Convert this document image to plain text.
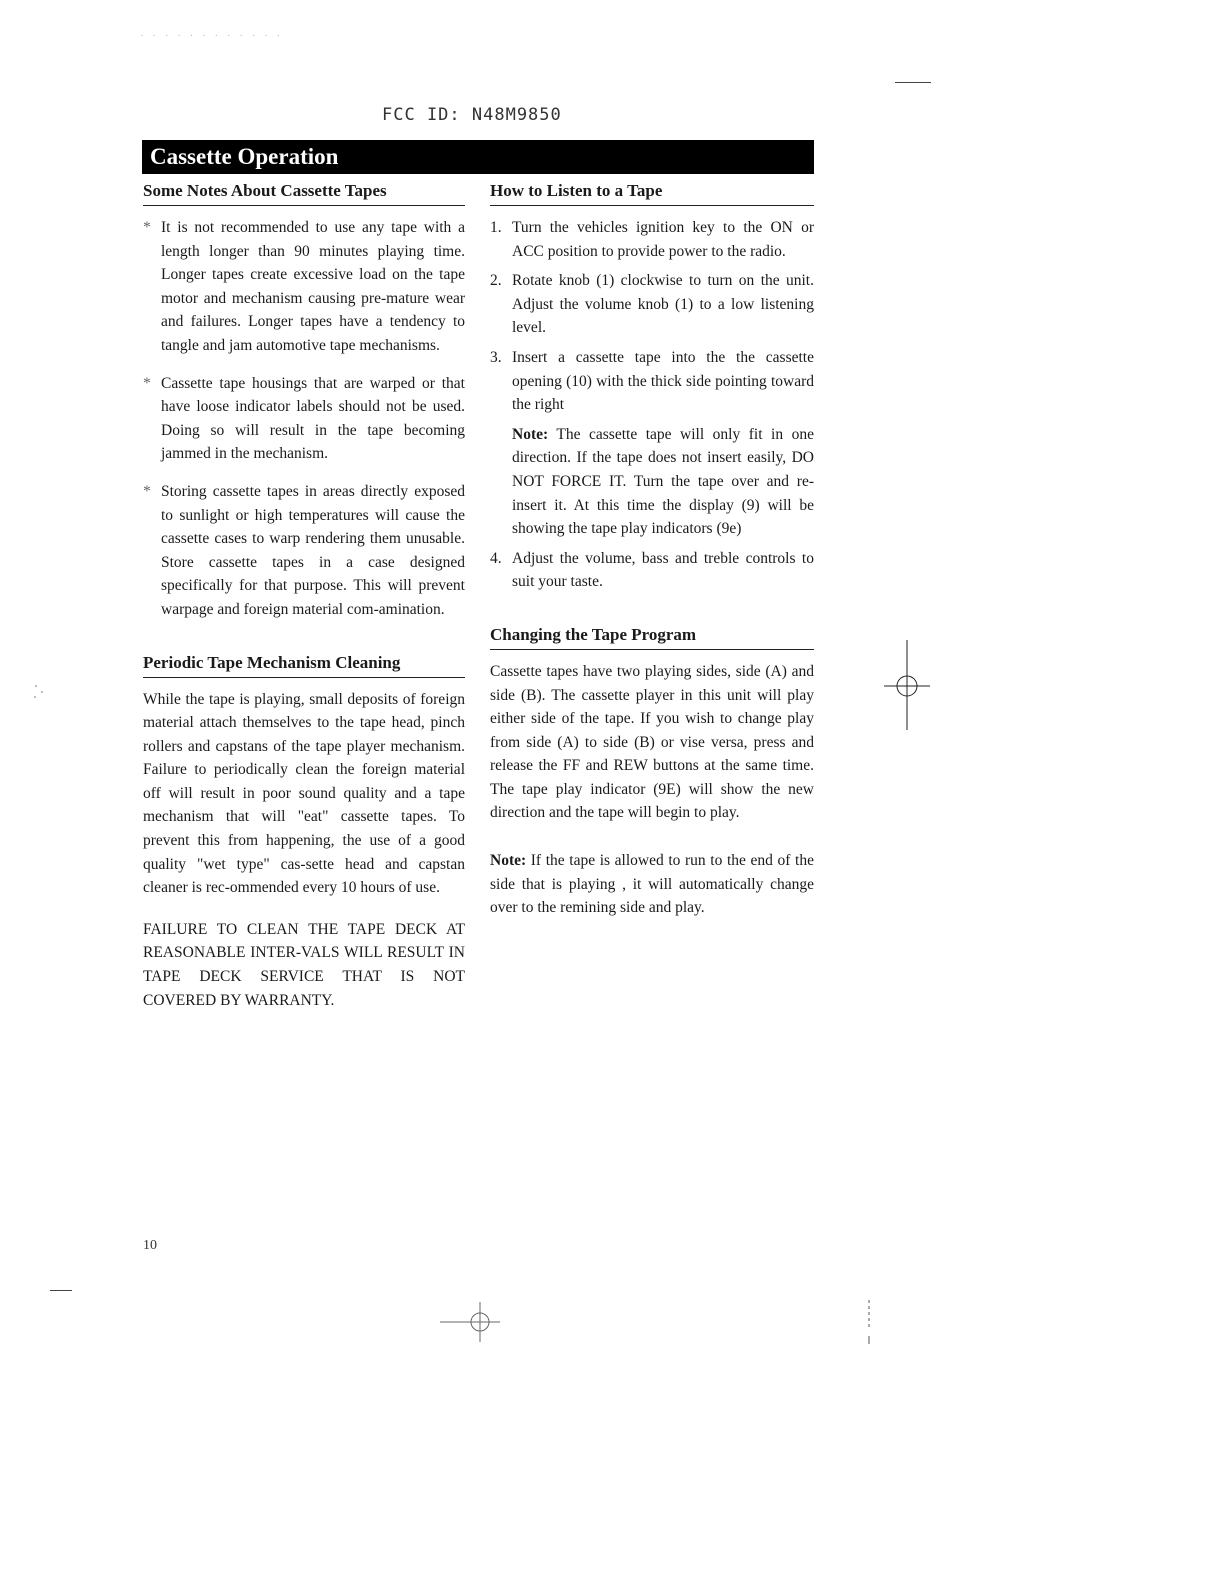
· · · · · · · · · · · ·
FCC ID: N48M9850
Cassette Operation
Some Notes About Cassette Tapes
* It is not recommended to use any tape with a length longer than 90 minutes playing time. Longer tapes create excessive load on the tape motor and mechanism causing pre-mature wear and failures. Longer tapes have a tendency to tangle and jam automotive tape mechanisms.

* Cassette tape housings that are warped or that have loose indicator labels should not be used. Doing so will result in the tape becoming jammed in the mechanism.

* Storing cassette tapes in areas directly exposed to sunlight or high temperatures will cause the cassette cases to warp rendering them unusable. Store cassette tapes in a case designed specifically for that purpose. This will prevent warpage and foreign material com-amination.

Periodic Tape Mechanism Cleaning

While the tape is playing, small deposits of foreign material attach themselves to the tape head, pinch rollers and capstans of the tape player mechanism. Failure to periodically clean the foreign material off will result in poor sound quality and a tape mechanism that will "eat" cassette tapes. To prevent this from happening, the use of a good quality "wet type" cas-sette head and capstan cleaner is rec-ommended every 10 hours of use.

FAILURE TO CLEAN THE TAPE DECK AT REASONABLE INTER-VALS WILL RESULT IN TAPE DECK SERVICE THAT IS NOT COVERED BY WARRANTY.

How to Listen to a Tape
1. Turn the vehicles ignition key to the ON or ACC position to provide power to the radio.

2. Rotate knob (1) clockwise to turn on the unit. Adjust the volume knob (1) to a low listening level.

3. Insert a cassette tape into the the cassette opening (10) with the thick side pointing toward the right

Note: The cassette tape will only fit in one direction. If the tape does not insert easily, DO NOT FORCE IT. Turn the tape over and re-insert it. At this time the display (9) will be showing the tape play indicators (9e)

4. Adjust the volume, bass and treble controls to suit your taste.

Changing the Tape Program

Cassette tapes have two playing sides, side (A) and side (B). The cassette player in this unit will play either side of the tape. If you wish to change play from side (A) to side (B) or vise versa, press and release the FF and REW buttons at the same time. The tape play indicator (9E) will show the new direction and the tape will begin to play.

Note: If the tape is allowed to run to the end of the side that is playing , it will automatically change over to the remining side and play.

10
